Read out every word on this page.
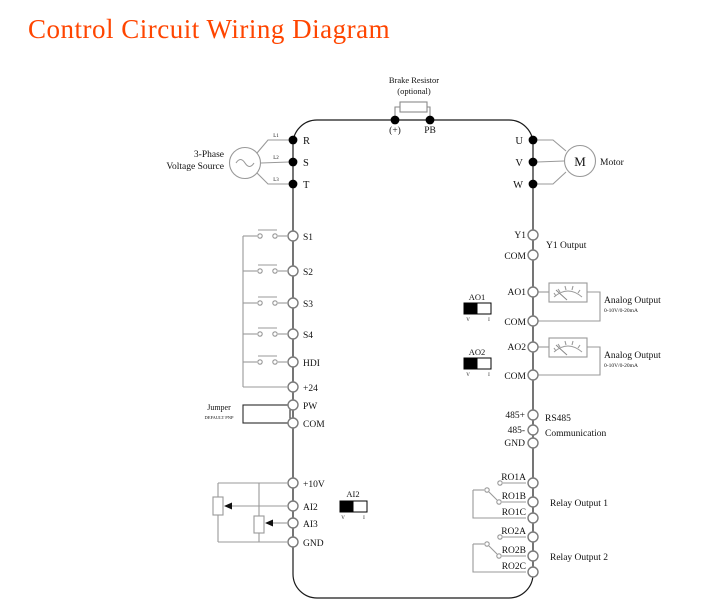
Control Circuit Wiring Diagram
Brake Resistor
(optional)
(+) PB
L1
L2
L3
3-Phase
Voltage Source
R
S
T
M Motor
U
V
W
S1
S2
S3
S4
HDI
+24
PW
COM
Jumper
DEFAULT PNP
+10V
AI2
AI3
GND
AI2
V	I
Y1
COM
Y1 Output
AO1
COM
Analog Output
0-10V/0-20mA
AO1
V	I
AO2
COM
Analog Output
0-10V/0-20mA
AO2
V	I
485+
485-
GND
RS485
Communication
RO1A
RO1B
RO1C
Relay Output 1
RO2A
RO2B
RO2C
Relay Output 2
